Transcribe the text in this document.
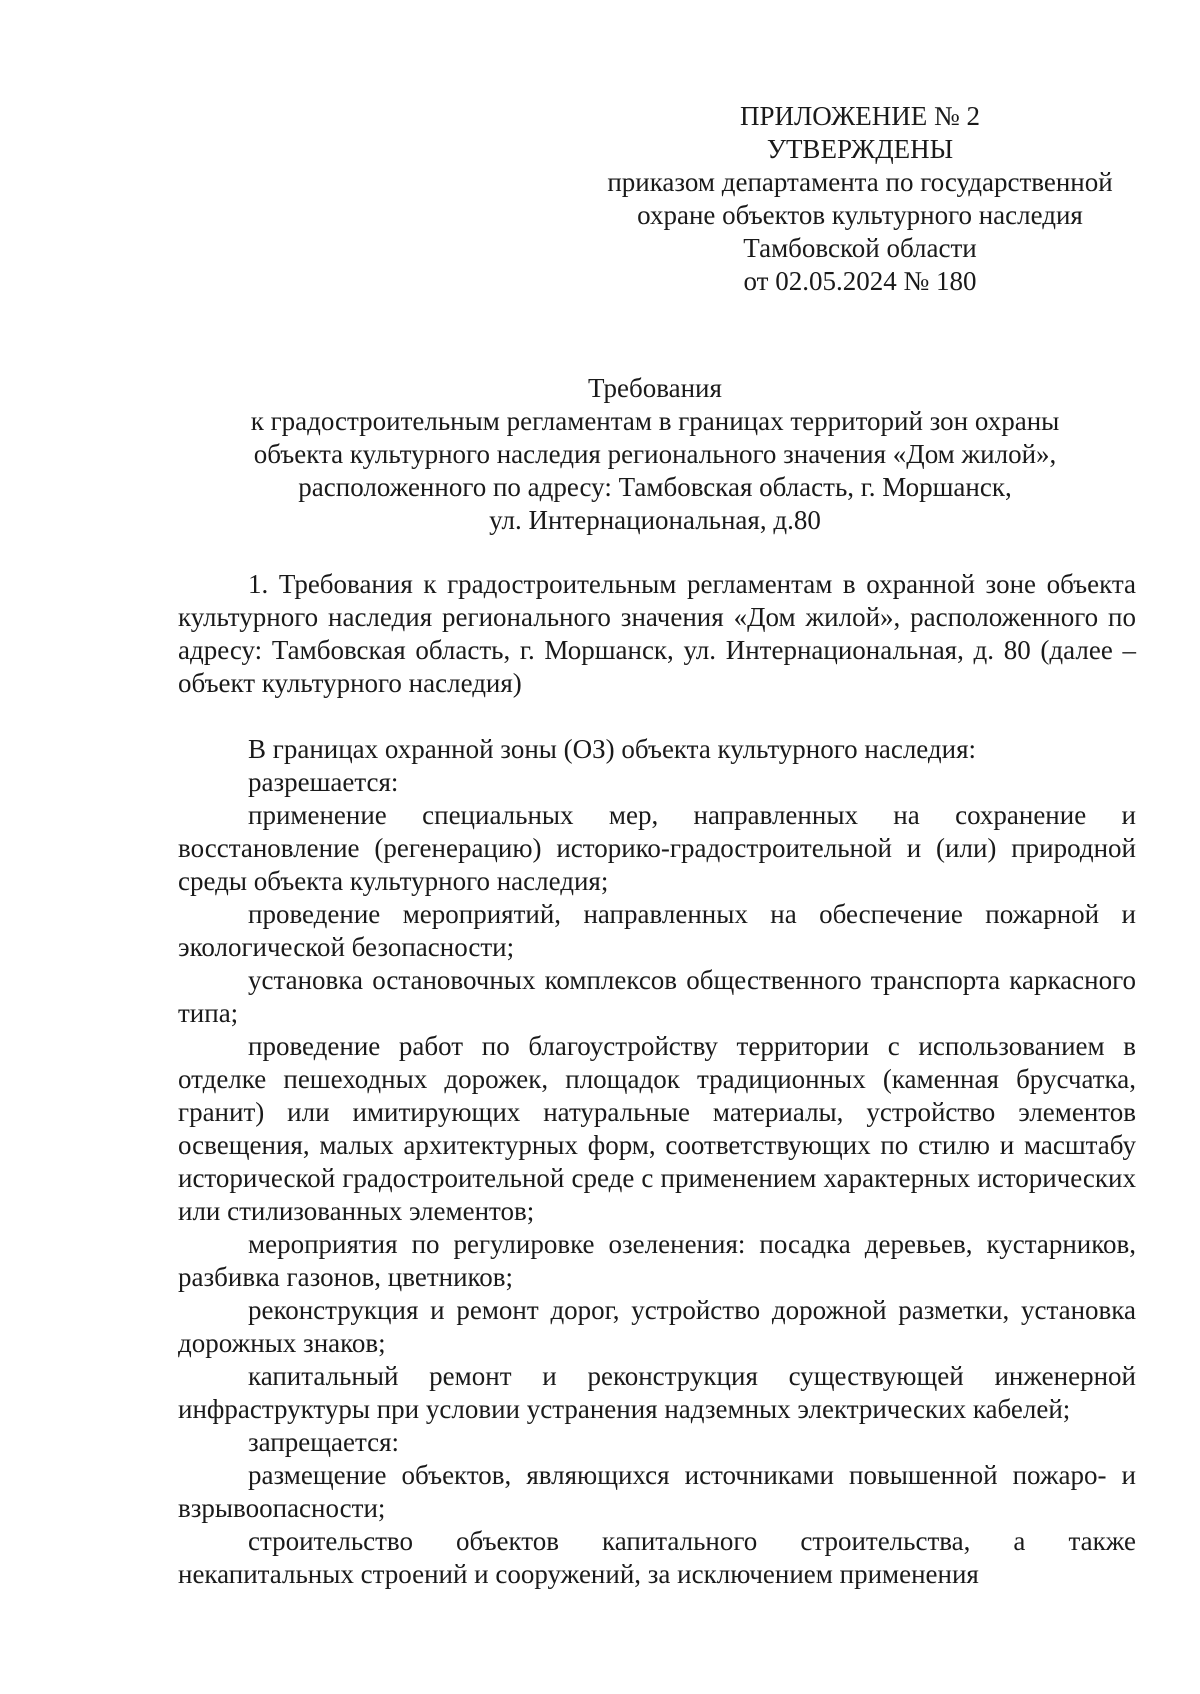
ПРИЛОЖЕНИЕ № 2
УТВЕРЖДЕНЫ
приказом департамента по государственной
охране объектов культурного наследия
Тамбовской области
от 02.05.2024 № 180
Требования
к градостроительным регламентам в границах территорий зон охраны
объекта культурного наследия регионального значения «Дом жилой»,
расположенного по адресу: Тамбовская область, г. Моршанск,
ул. Интернациональная, д.80

1. Требования к градостроительным регламентам в охранной зоне объекта культурного наследия регионального значения «Дом жилой», расположенного по адресу: Тамбовская область, г. Моршанск, ул. Интернациональная, д. 80 (далее – объект культурного наследия)

В границах охранной зоны (ОЗ) объекта культурного наследия:

разрешается:

применение специальных мер, направленных на сохранение и восстановление (регенерацию) историко-градостроительной и (или) природной среды объекта культурного наследия;

проведение мероприятий, направленных на обеспечение пожарной и экологической безопасности;

установка остановочных комплексов общественного транспорта каркасного типа;

проведение работ по благоустройству территории с использованием в отделке пешеходных дорожек, площадок традиционных (каменная брусчатка, гранит) или имитирующих натуральные материалы, устройство элементов освещения, малых архитектурных форм, соответствующих по стилю и масштабу исторической градостроительной среде с применением характерных исторических или стилизованных элементов;

мероприятия по регулировке озеленения: посадка деревьев, кустарников, разбивка газонов, цветников;

реконструкция и ремонт дорог, устройство дорожной разметки, установка дорожных знаков;

капитальный ремонт и реконструкция существующей инженерной инфраструктуры при условии устранения надземных электрических кабелей;

запрещается:

размещение объектов, являющихся источниками повышенной пожаро- и взрывоопасности;

строительство объектов капитального строительства, а также некапитальных строений и сооружений, за исключением применения
